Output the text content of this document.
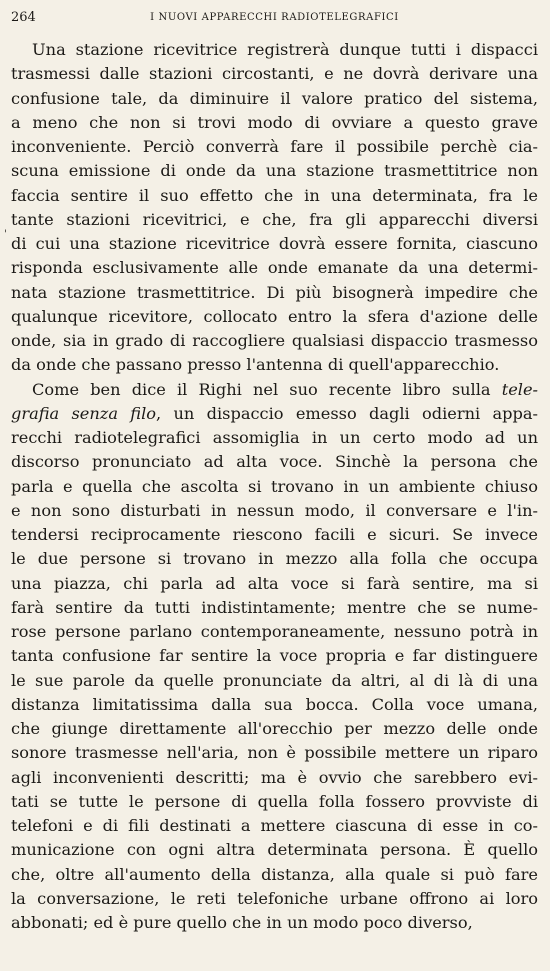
264	I NUOVI APPARECCHI RADIOTELEGRAFICI
'
Una stazione ricevitrice registrerà dunque tutti i dispacci
trasmessi dalle stazioni circostanti, e ne dovrà derivare una
confusione tale, da diminuire il valore pratico del sistema,
a meno che non si trovi modo di ovviare a questo grave
inconveniente. Perciò converrà fare il possibile perchè cia-
scuna emissione di onde da una stazione trasmettitrice non
faccia sentire il suo effetto che in una determinata, fra le
tante stazioni ricevitrici, e che, fra gli apparecchi diversi
di cui una stazione ricevitrice dovrà essere fornita, ciascuno
risponda esclusivamente alle onde emanate da una determi-
nata stazione trasmettitrice. Di più bisognerà impedire che
qualunque ricevitore, collocato entro la sfera d'azione delle
onde, sia in grado di raccogliere qualsiasi dispaccio trasmesso
da onde che passano presso l'antenna di quell'apparecchio.
Come ben dice il Righi nel suo recente libro sulla tele-
grafia senza filo, un dispaccio emesso dagli odierni appa-
recchi radiotelegrafici assomiglia in un certo modo ad un
discorso pronunciato ad alta voce. Sinchè la persona che
parla e quella che ascolta si trovano in un ambiente chiuso
e non sono disturbati in nessun modo, il conversare e l'in-
tendersi reciprocamente riescono facili e sicuri. Se invece
le due persone si trovano in mezzo alla folla che occupa
una piazza, chi parla ad alta voce si farà sentire, ma si
farà sentire da tutti indistintamente; mentre che se nume-
rose persone parlano contemporaneamente, nessuno potrà in
tanta confusione far sentire la voce propria e far distinguere
le sue parole da quelle pronunciate da altri, al di là di una
distanza limitatissima dalla sua bocca. Colla voce umana,
che giunge direttamente all'orecchio per mezzo delle onde
sonore trasmesse nell'aria, non è possibile mettere un riparo
agli inconvenienti descritti; ma è ovvio che sarebbero evi-
tati se tutte le persone di quella folla fossero provviste di
telefoni e di fili destinati a mettere ciascuna di esse in co-
municazione con ogni altra determinata persona. È quello
che, oltre all'aumento della distanza, alla quale si può fare
la conversazione, le reti telefoniche urbane offrono ai loro
abbonati; ed è pure quello che in un modo poco diverso,
